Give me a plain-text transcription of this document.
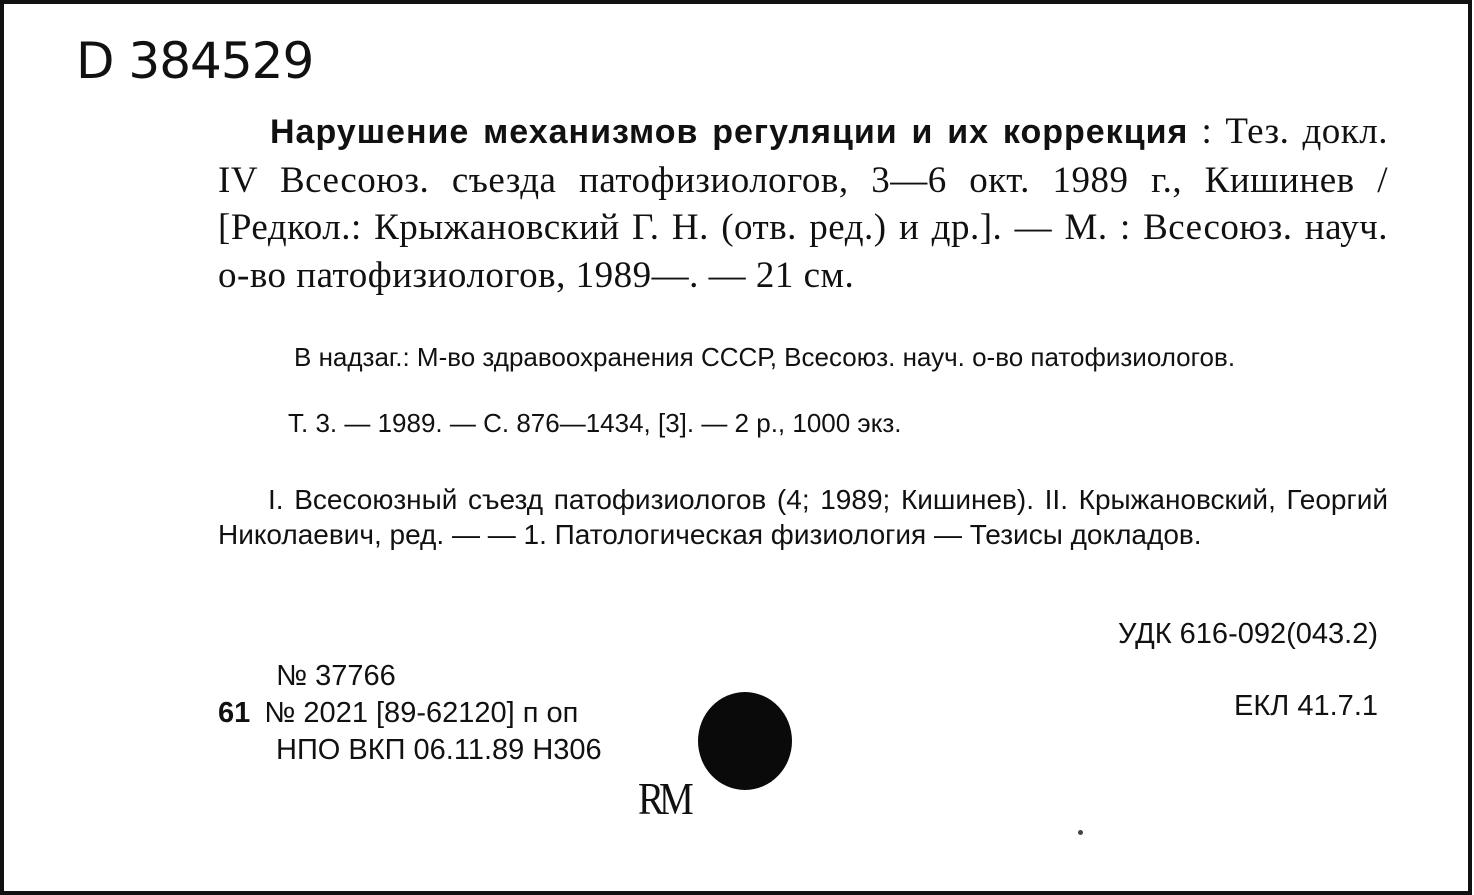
D 384529
Нарушение механизмов регуляции и их коррекция : Тез. докл. IV Всесоюз. съезда патофизиологов, 3—6 окт. 1989 г., Кишинев / [Редкол.: Крыжановский Г. Н. (отв. ред.) и др.]. — М. : Всесоюз. науч. о-во патофизиологов, 1989—. — 21 см.
В надзаг.: М-во здравоохранения СССР, Всесоюз. науч. о-во патофизиологов.
Т. 3. — 1989. — С. 876—1434, [3]. — 2 р., 1000 экз.
I. Всесоюзный съезд патофизиологов (4; 1989; Кишинев). II. Крыжановский, Георгий Николаевич, ред. — — 1. Патологическая физиология — Тезисы докладов.
УДК 616-092(043.2)
ЕКЛ 41.7.1
№ 37766
61 № 2021 [89-62120] п оп
НПО ВКП 06.11.89 Н306
RM
